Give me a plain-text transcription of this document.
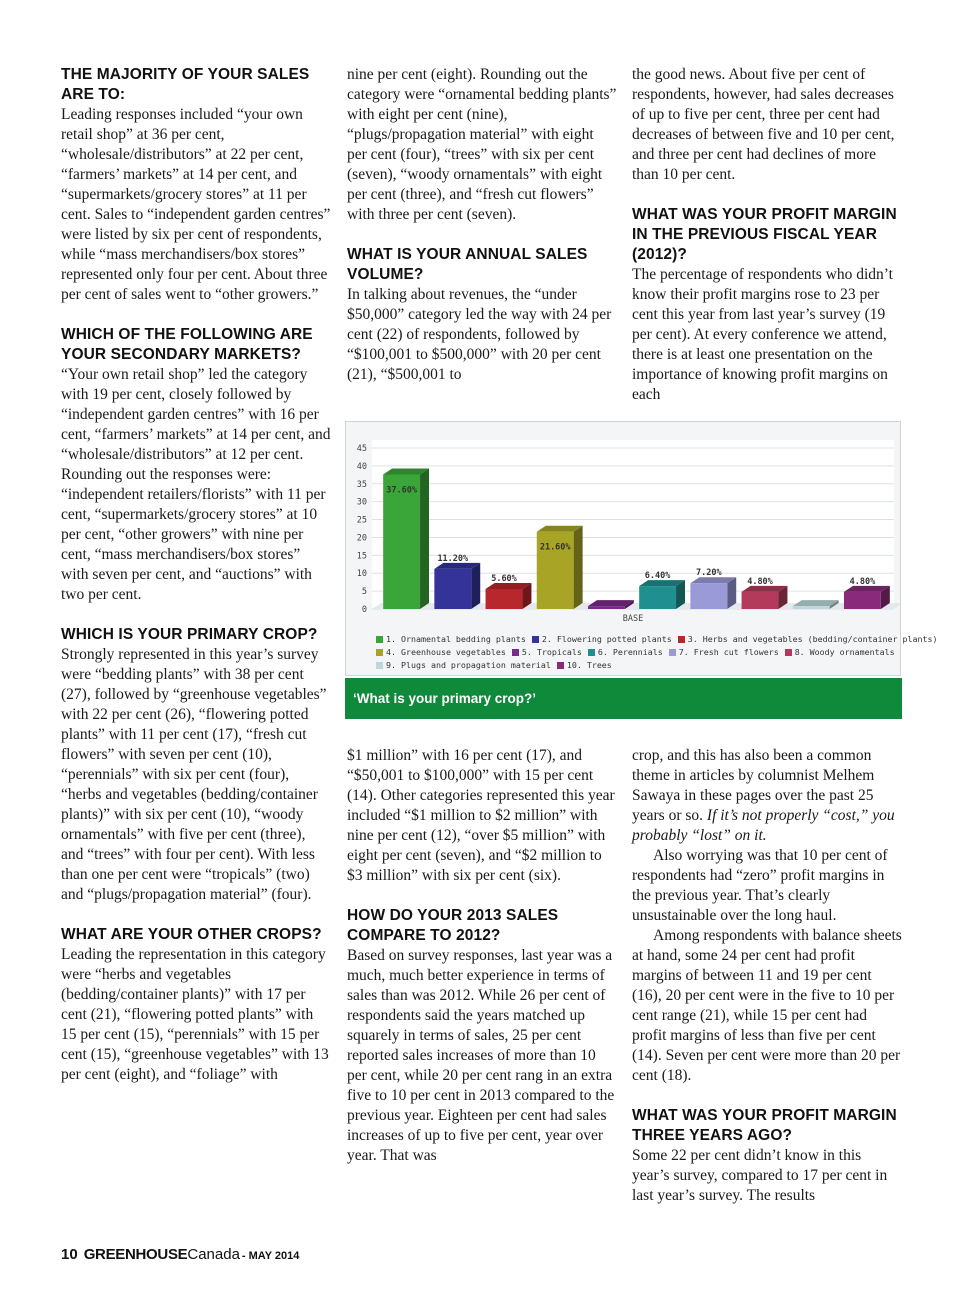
THE MAJORITY OF YOUR SALES ARE TO:

Leading responses included “your own retail shop” at 36 per cent, “wholesale/distributors” at 22 per cent, “farmers’ markets” at 14 per cent, and “supermarkets/grocery stores” at 11 per cent. Sales to “independent garden centres” were listed by six per cent of respondents, while “mass merchandisers/box stores” represented only four per cent. About three per cent of sales went to “other growers.”

WHICH OF THE FOLLOWING ARE YOUR SECONDARY MARKETS?

“Your own retail shop” led the category with 19 per cent, closely followed by “independent garden centres” with 16 per cent, “farmers’ markets” at 14 per cent, and “wholesale/distributors” at 12 per cent. Rounding out the responses were: “independent retailers/florists” with 11 per cent, “supermarkets/grocery stores” at 10 per cent, “other growers” with nine per cent, “mass merchandisers/box stores” with seven per cent, and “auctions” with two per cent.

WHICH IS YOUR PRIMARY CROP?

Strongly represented in this year’s survey were “bedding plants” with 38 per cent (27), followed by “greenhouse vegetables” with 22 per cent (26), “flowering potted plants” with 11 per cent (17), “fresh cut flowers” with seven per cent (10), “perennials” with six per cent (four), “herbs and vegetables (bedding/container plants)” with six per cent (10), “woody ornamentals” with five per cent (three), and “trees” with four per cent). With less than one per cent were “tropicals” (two) and “plugs/propagation material” (four).

WHAT ARE YOUR OTHER CROPS?

Leading the representation in this category were “herbs and vegetables (bedding/container plants)” with 17 per cent (21), “flowering potted plants” with 15 per cent (15), “perennials” with 15 per cent (15), “greenhouse vegetables” with 13 per cent (eight), and “foliage” with

nine per cent (eight). Rounding out the category were “ornamental bedding plants” with eight per cent (nine), “plugs/propagation material” with eight per cent (four), “trees” with six per cent (seven), “woody ornamentals” with eight per cent (three), and “fresh cut flowers” with three per cent (seven).

WHAT IS YOUR ANNUAL SALES VOLUME?

In talking about revenues, the “under $50,000” category led the way with 24 per cent (22) of respondents, followed by “$100,001 to $500,000” with 20 per cent (21), “$500,001 to

the good news. About five per cent of respondents, however, had sales decreases of up to five per cent, three per cent had decreases of between five and 10 per cent, and three per cent had declines of more than 10 per cent.

WHAT WAS YOUR PROFIT MARGIN IN THE PREVIOUS FISCAL YEAR (2012)?

The percentage of respondents who didn’t know their profit margins rose to 23 per cent this year from last year’s survey (19 per cent). At every conference we attend, there is at least one presentation on the importance of knowing profit margins on each

0
5
10
15
20
25
30
35
40
45
37.60%
11.20%
5.60%
21.60%
6.40%	7.20%
4.80%	4.80%
BASE
1. Ornamental bedding plants 2. Flowering potted plants 3. Herbs and vegetables (bedding/container plants)
4. Greenhouse vegetables 5. Tropicals 6. Perennials 7. Fresh cut flowers 8. Woody ornamentals
9. Plugs and propagation material 10. Trees
‘What is your primary crop?’

$1 million” with 16 per cent (17), and “$50,001 to $100,000” with 15 per cent (14). Other categories represented this year included “$1 million to $2 million” with nine per cent (12), “over $5 million” with eight per cent (seven), and “$2 million to $3 million” with six per cent (six).

HOW DO YOUR 2013 SALES COMPARE TO 2012?

Based on survey responses, last year was a much, much better experience in terms of sales than was 2012. While 26 per cent of respondents said the years matched up squarely in terms of sales, 25 per cent reported sales increases of more than 10 per cent, while 20 per cent rang in an extra five to 10 per cent in 2013 compared to the previous year. Eighteen per cent had sales increases of up to five per cent, year over year. That was

crop, and this has also been a common theme in articles by columnist Melhem Sawaya in these pages over the past 25 years or so. If it’s not properly “cost,” you probably “lost” on it.

Also worrying was that 10 per cent of respondents had “zero” profit margins in the previous year. That’s clearly unsustainable over the long haul.

Among respondents with balance sheets at hand, some 24 per cent had profit margins of between 11 and 19 per cent (16), 20 per cent were in the five to 10 per cent range (21), while 15 per cent had profit margins of less than five per cent (14). Seven per cent were more than 20 per cent (18).

WHAT WAS YOUR PROFIT MARGIN THREE YEARS AGO?

Some 22 per cent didn’t know in this year’s survey, compared to 17 per cent in last year’s survey. The results

10 GREENHOUSECanada - MAY 2014
